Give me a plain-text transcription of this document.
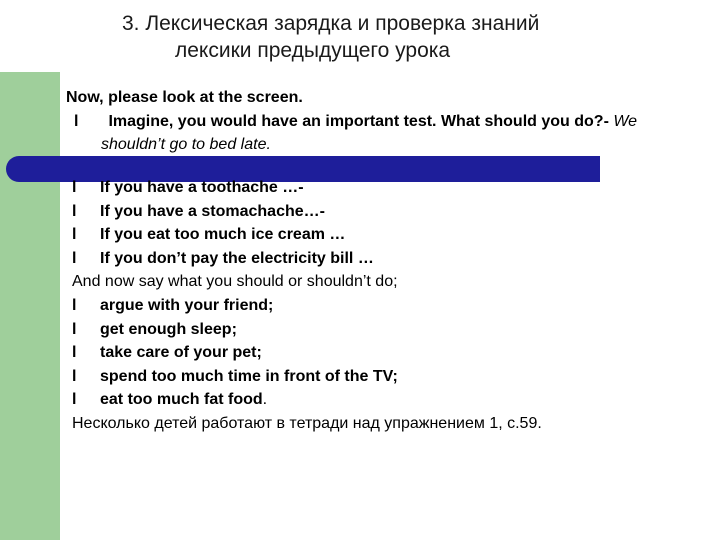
3. Лексическая зарядка и проверка знаний
лексики предыдущего урока
Now, please look at the screen.
l Imagine, you would have an important test. What should you do?- We
shouldn’t go to bed late.
lIf you have a toothache …-
lIf you have a stomachache…-
lIf you eat too much ice cream …
lIf you don’t pay the electricity bill …
And now say what you should or shouldn’t do;
largue with your friend;
lget enough sleep;
ltake care of your pet;
lspend too much time in front of the TV;
leat too much fat food.
Несколько детей работают в тетради над упражнением 1, с.59.
